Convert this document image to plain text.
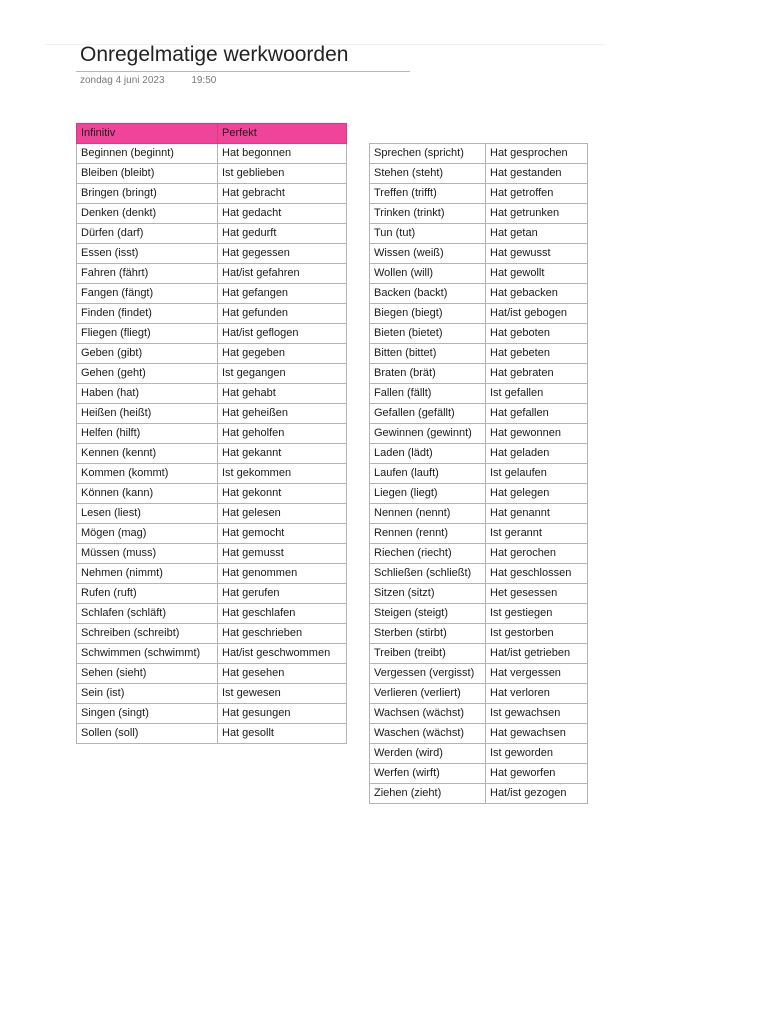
Onregelmatige werkwoorden
zondag 4 juni 2023	19:50
Infinitiv	Perfekt
Beginnen (beginnt)	Hat begonnen
Bleiben (bleibt)	Ist geblieben
Bringen (bringt)	Hat gebracht
Denken (denkt)	Hat gedacht
Dürfen (darf)	Hat gedurft
Essen (isst)	Hat gegessen
Fahren (fährt)	Hat/ist gefahren
Fangen (fängt)	Hat gefangen
Finden (findet)	Hat gefunden
Fliegen (fliegt)	Hat/ist geflogen
Geben (gibt)	Hat gegeben
Gehen (geht)	Ist gegangen
Haben (hat)	Hat gehabt
Heißen (heißt)	Hat geheißen
Helfen (hilft)	Hat geholfen
Kennen (kennt)	Hat gekannt
Kommen (kommt)	Ist gekommen
Können (kann)	Hat gekonnt
Lesen (liest)	Hat gelesen
Mögen (mag)	Hat gemocht
Müssen (muss)	Hat gemusst
Nehmen (nimmt)	Hat genommen
Rufen (ruft)	Hat gerufen
Schlafen (schläft)	Hat geschlafen
Schreiben (schreibt)	Hat geschrieben
Schwimmen (schwimmt)	Hat/ist geschwommen
Sehen (sieht)	Hat gesehen
Sein (ist)	Ist gewesen
Singen (singt)	Hat gesungen
Sollen (soll)	Hat gesollt
Sprechen (spricht)	Hat gesprochen
Stehen (steht)	Hat gestanden
Treffen (trifft)	Hat getroffen
Trinken (trinkt)	Hat getrunken
Tun (tut)	Hat getan
Wissen (weiß)	Hat gewusst
Wollen (will)	Hat gewollt
Backen (backt)	Hat gebacken
Biegen (biegt)	Hat/ist gebogen
Bieten (bietet)	Hat geboten
Bitten (bittet)	Hat gebeten
Braten (brät)	Hat gebraten
Fallen (fällt)	Ist gefallen
Gefallen (gefällt)	Hat gefallen
Gewinnen (gewinnt)	Hat gewonnen
Laden (lädt)	Hat geladen
Laufen (lauft)	Ist gelaufen
Liegen (liegt)	Hat gelegen
Nennen (nennt)	Hat genannt
Rennen (rennt)	Ist gerannt
Riechen (riecht)	Hat gerochen
Schließen (schließt)	Hat geschlossen
Sitzen (sitzt)	Het gesessen
Steigen (steigt)	Ist gestiegen
Sterben (stirbt)	Ist gestorben
Treiben (treibt)	Hat/ist getrieben
Vergessen (vergisst)	Hat vergessen
Verlieren (verliert)	Hat verloren
Wachsen (wächst)	Ist gewachsen
Waschen (wächst)	Hat gewachsen
Werden (wird)	Ist geworden
Werfen (wirft)	Hat geworfen
Ziehen (zieht)	Hat/ist gezogen
